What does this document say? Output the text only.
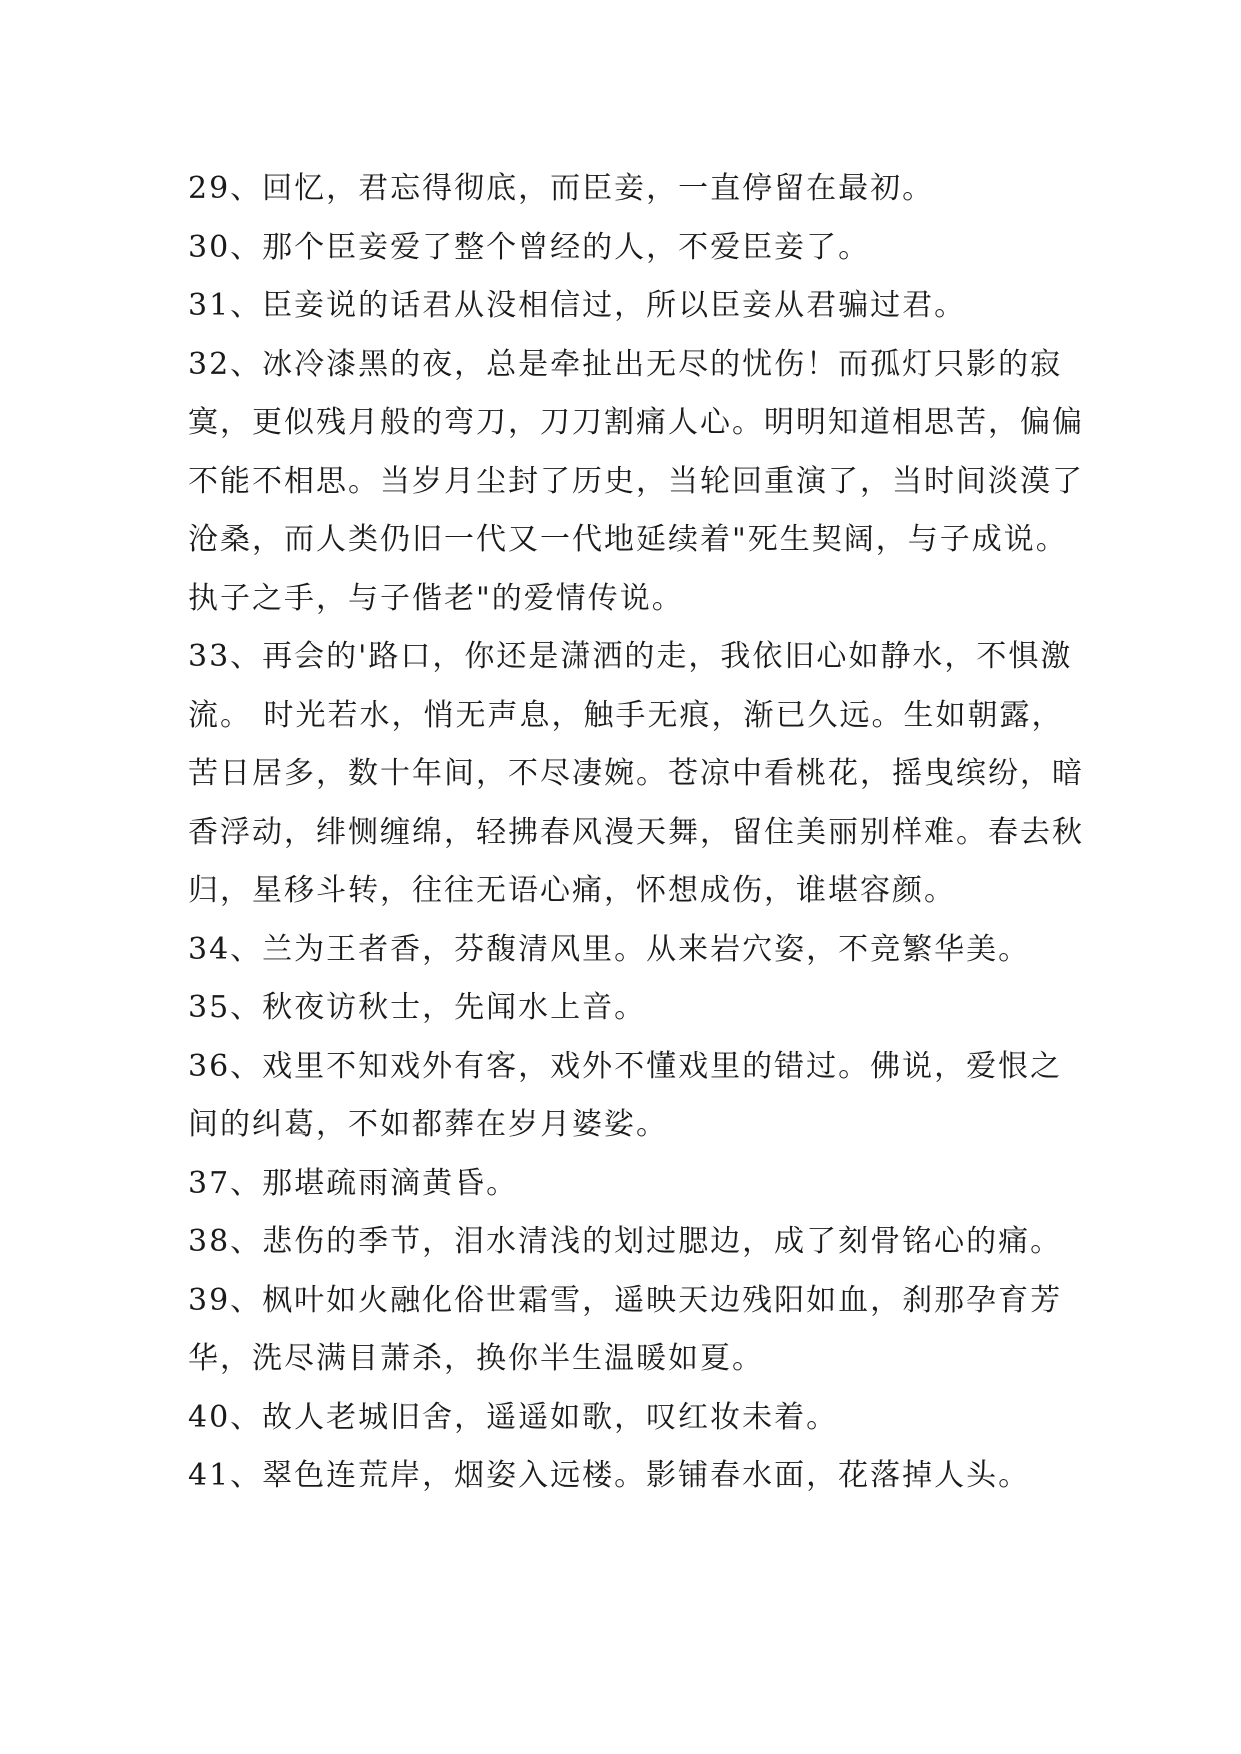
29、回忆，君忘得彻底，而臣妾，一直停留在最初。
30、那个臣妾爱了整个曾经的人，不爱臣妾了。
31、臣妾说的话君从没相信过，所以臣妾从君骗过君。
32、冰冷漆黑的夜，总是牵扯出无尽的忧伤！而孤灯只影的寂寞，更似残月般的弯刀，刀刀割痛人心。明明知道相思苦，偏偏不能不相思。当岁月尘封了历史，当轮回重演了，当时间淡漠了沧桑，而人类仍旧一代又一代地延续着"死生契阔，与子成说。执子之手，与子偕老"的爱情传说。
33、再会的'路口，你还是潇洒的走，我依旧心如静水，不惧激流。 时光若水，悄无声息，触手无痕，渐已久远。生如朝露，苦日居多，数十年间，不尽凄婉。苍凉中看桃花，摇曳缤纷，暗香浮动，绯恻缠绵，轻拂春风漫天舞，留住美丽别样难。春去秋归，星移斗转，往往无语心痛，怀想成伤，谁堪容颜。
34、兰为王者香，芬馥清风里。从来岩穴姿，不竞繁华美。
35、秋夜访秋士，先闻水上音。
36、戏里不知戏外有客，戏外不懂戏里的错过。佛说，爱恨之间的纠葛，不如都葬在岁月婆娑。
37、那堪疏雨滴黄昏。
38、悲伤的季节，泪水清浅的划过腮边，成了刻骨铭心的痛。
39、枫叶如火融化俗世霜雪，遥映天边残阳如血，刹那孕育芳华，洗尽满目萧杀，换你半生温暖如夏。
40、故人老城旧舍，遥遥如歌，叹红妆未着。
41、翠色连荒岸，烟姿入远楼。影铺春水面，花落掉人头。
